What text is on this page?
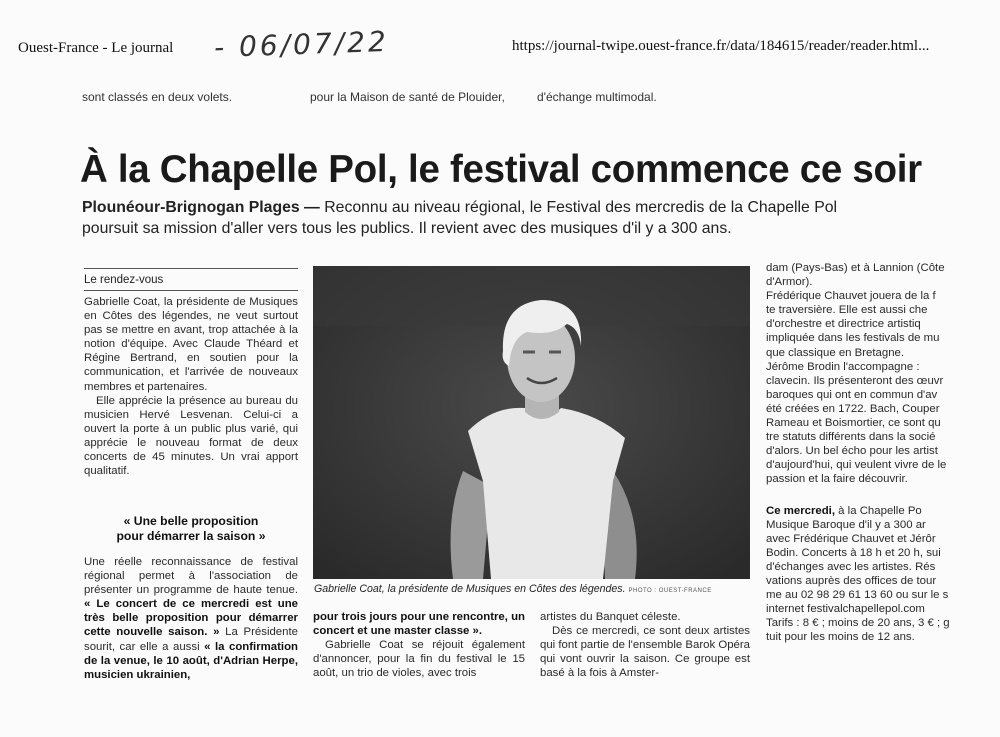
Ouest-France - Le journal - 06/07/22	https://journal-twipe.ouest-france.fr/data/184615/reader/reader.html...
sont classés en deux volets.	pour la Maison de santé de Plouider,	d'échange multimodal.
À la Chapelle Pol, le festival commence ce soir
Plounéour-Brignogan Plages — Reconnu au niveau régional, le Festival des mercredis de la Chapelle Pol poursuit sa mission d'aller vers tous les publics. Il revient avec des musiques d'il y a 300 ans.
Le rendez-vous

Gabrielle Coat, la présidente de Musiques en Côtes des légendes, ne veut surtout pas se mettre en avant, trop attachée à la notion d'équipe. Avec Claude Théard et Régine Bertrand, en soutien pour la communication, et l'arrivée de nouveaux membres et partenaires.

Elle apprécie la présence au bureau du musicien Hervé Lesvenan. Celui-ci a ouvert la porte à un public plus varié, qui apprécie le nouveau format de deux concerts de 45 minutes. Un vrai apport qualitatif.

« Une belle proposition
pour démarrer la saison »

Une réelle reconnaissance de festival régional permet à l'association de présenter un programme de haute tenue. « Le concert de ce mercredi est une très belle proposition pour démarrer cette nouvelle saison. » La Présidente sourit, car elle a aussi « la confirmation de la venue, le 10 août, d'Adrian Herpe, musicien ukrainien,

Gabrielle Coat, la présidente de Musiques en Côtes des légendes. PHOTO : OUEST-FRANCE

pour trois jours pour une rencontre, un concert et une master classe ».

Gabrielle Coat se réjouit également d'annoncer, pour la fin du festival le 15 août, un trio de violes, avec trois

artistes du Banquet céleste.

Dès ce mercredi, ce sont deux artistes qui font partie de l'ensemble Barok Opéra qui vont ouvrir la saison. Ce groupe est basé à la fois à Amster-

dam (Pays-Bas) et à Lannion (Côte
d'Armor).
Frédérique Chauvet jouera de la f
te traversière. Elle est aussi che
d'orchestre et directrice artistiq
impliquée dans les festivals de mu
que classique en Bretagne.
Jérôme Brodin l'accompagne :
clavecin. Ils présenteront des œuvr
baroques qui ont en commun d'av
été créées en 1722. Bach, Couper
Rameau et Boismortier, ce sont qu
tre statuts différents dans la socié
d'alors. Un bel écho pour les artist
d'aujourd'hui, qui veulent vivre de le
passion et la faire découvrir.
Ce mercredi, à la Chapelle Po
Musique Baroque d'il y a 300 ar
avec Frédérique Chauvet et Jérôr
Bodin. Concerts à 18 h et 20 h, sui
d'échanges avec les artistes. Rés
vations auprès des offices de tour
me au 02 98 29 61 13 60 ou sur le s
internet festivalchapellepol.com
Tarifs : 8 € ; moins de 20 ans, 3 € ; g
tuit pour les moins de 12 ans.
